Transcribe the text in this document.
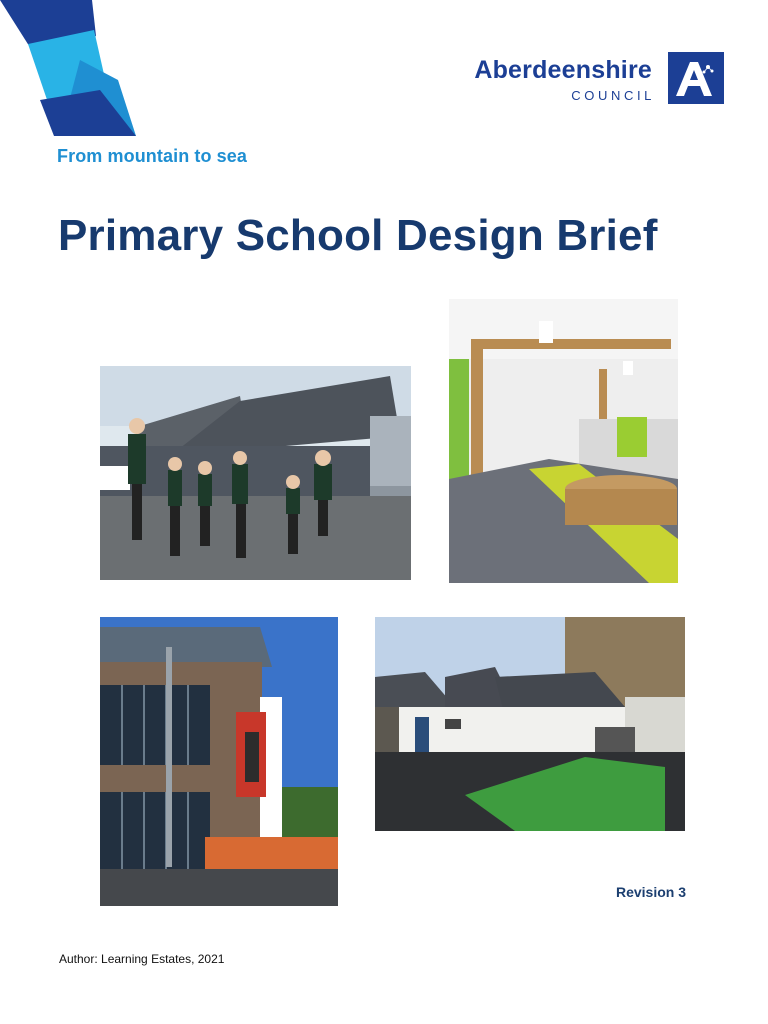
From mountain to sea
Aberdeenshire
COUNCIL
Primary School Design Brief
Revision 3
Author: Learning Estates, 2021
